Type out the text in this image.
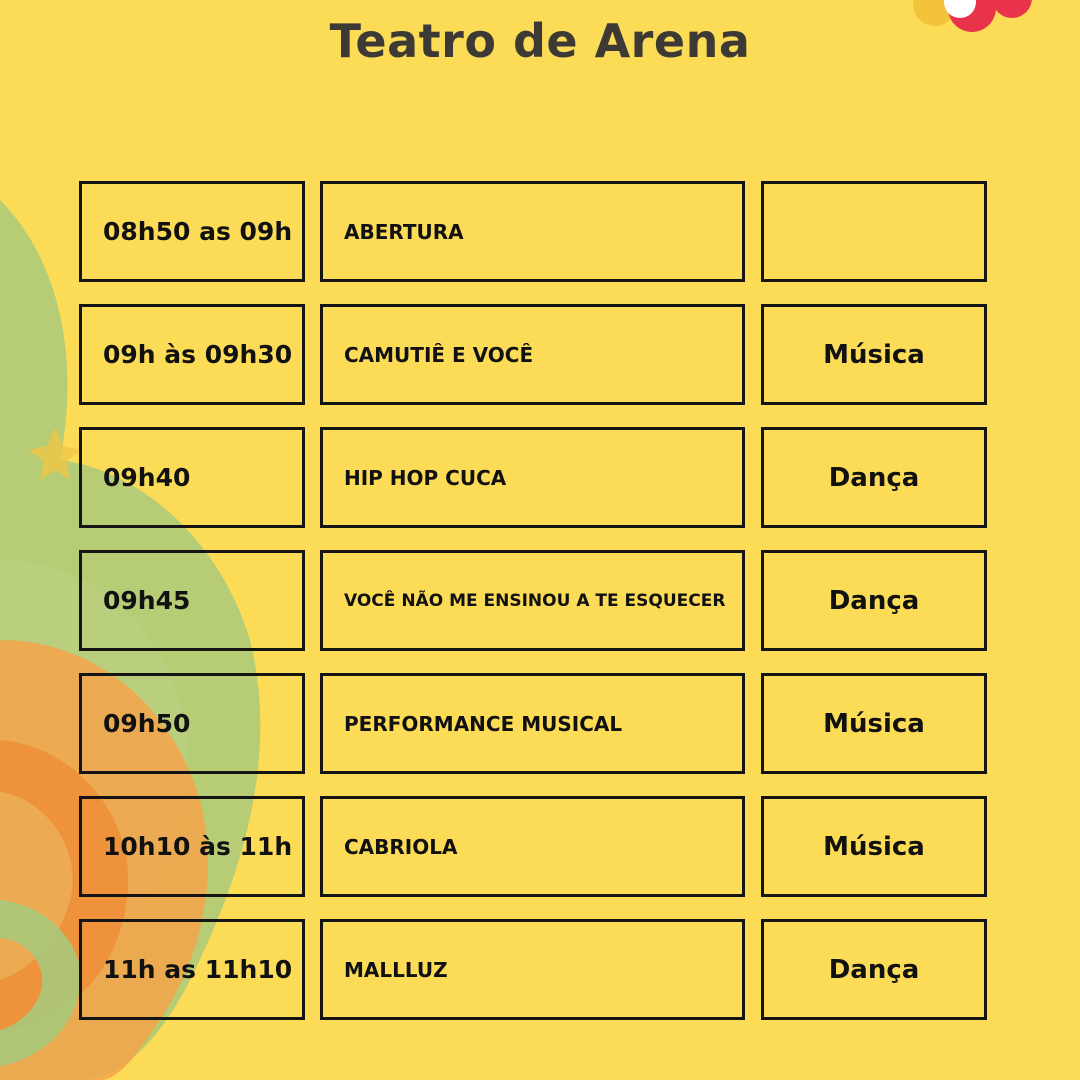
Teatro de Arena
08h50 as 09h	ABERTURA
09h às 09h30	CAMUTIÊ E VOCÊ	Música
09h40	HIP HOP CUCA	Dança
09h45	VOCÊ NÃO ME ENSINOU A TE ESQUECER	Dança
09h50	PERFORMANCE MUSICAL	Música
10h10 às 11h	CABRIOLA	Música
11h as 11h10	MALLLUZ	Dança
